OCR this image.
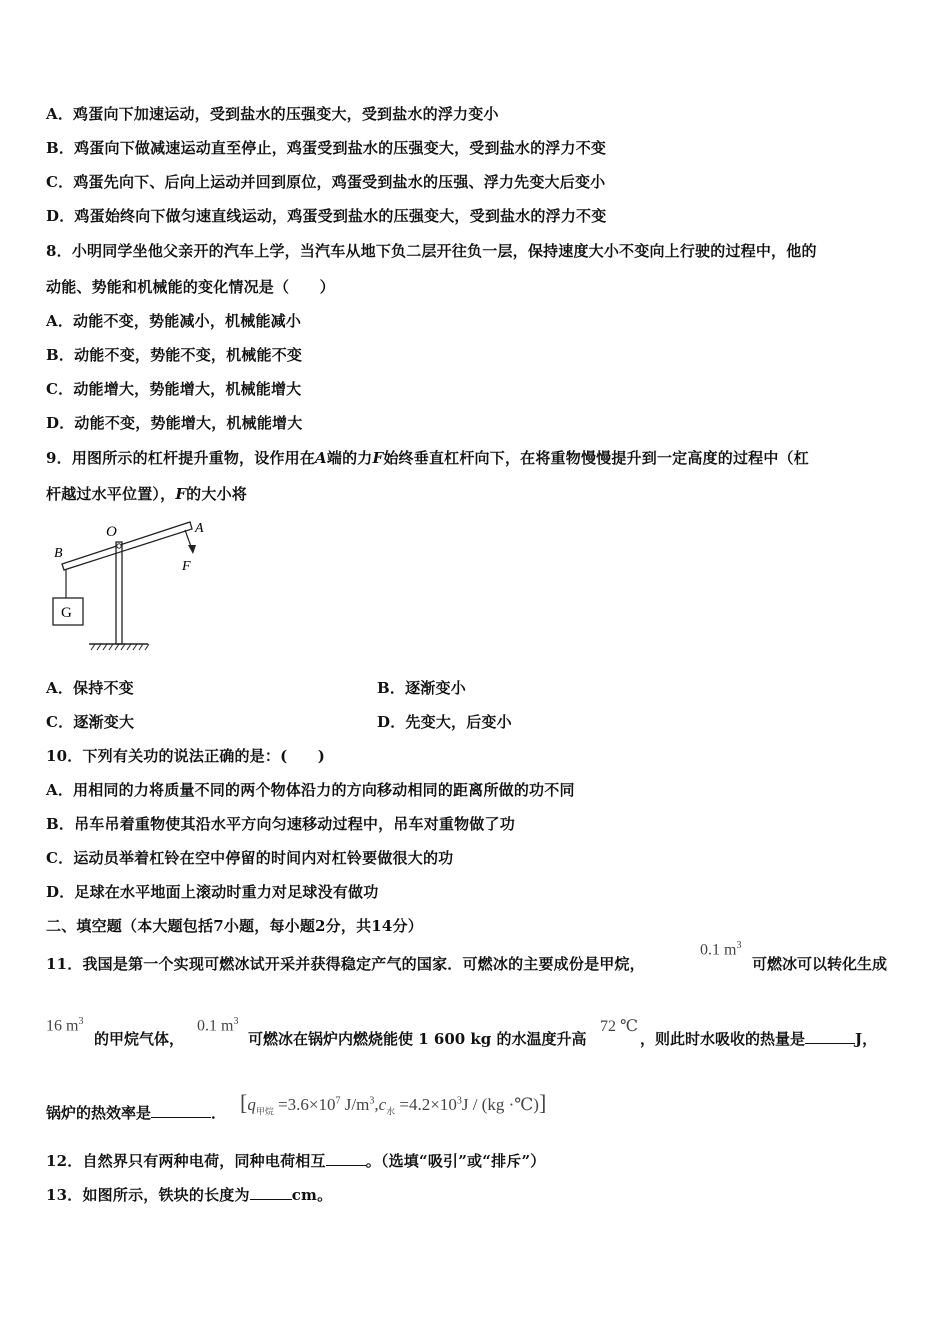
A．鸡蛋向下加速运动，受到盐水的压强变大，受到盐水的浮力变小
B．鸡蛋向下做减速运动直至停止，鸡蛋受到盐水的压强变大，受到盐水的浮力不变
C．鸡蛋先向下、后向上运动并回到原位，鸡蛋受到盐水的压强、浮力先变大后变小
D．鸡蛋始终向下做匀速直线运动，鸡蛋受到盐水的压强变大，受到盐水的浮力不变
8．小明同学坐他父亲开的汽车上学，当汽车从地下负二层开往负一层，保持速度大小不变向上行驶的过程中，他的
动能、势能和机械能的变化情况是（　　）
A．动能不变，势能减小，机械能减小
B．动能不变，势能不变，机械能不变
C．动能增大，势能增大，机械能增大
D．动能不变，势能增大，机械能增大
9．用图所示的杠杆提升重物，设作用在A端的力F始终垂直杠杆向下，在将重物慢慢提升到一定高度的过程中（杠
杆越过水平位置），F的大小将
G
O	A
B
F
A．保持不变	B．逐渐变小
C．逐渐变大	D．先变大，后变小
10．下列有关功的说法正确的是：(　　)
A．用相同的力将质量不同的两个物体沿力的方向移动相同的距离所做的功不同
B．吊车吊着重物使其沿水平方向匀速移动过程中，吊车对重物做了功
C．运动员举着杠铃在空中停留的时间内对杠铃要做很大的功
D．足球在水平地面上滚动时重力对足球没有做功
二、填空题（本大题包括7小题，每小题2分，共14分）
11．我国是第一个实现可燃冰试开采并获得稳定产气的国家．可燃冰的主要成份是甲烷，
0.1 $m^3$
可燃冰可以转化生成
16 $m^3$
的甲烷气体，
0.1 $m^3$
可燃冰在锅炉内燃烧能使 1 600 kg 的水温度升高
72 ℃
，则此时水吸收的热量是	J，
锅炉的热效率是	． [$q_{甲烷} =3.6\times 10^7$ $J/m^3,c_水 =4.2\times 10^3J / (kg$ ·℃)]
12．自然界只有两种电荷，同种电荷相互	。（选填“吸引”或“排斥”）
13．如图所示，铁块的长度为	cm。
